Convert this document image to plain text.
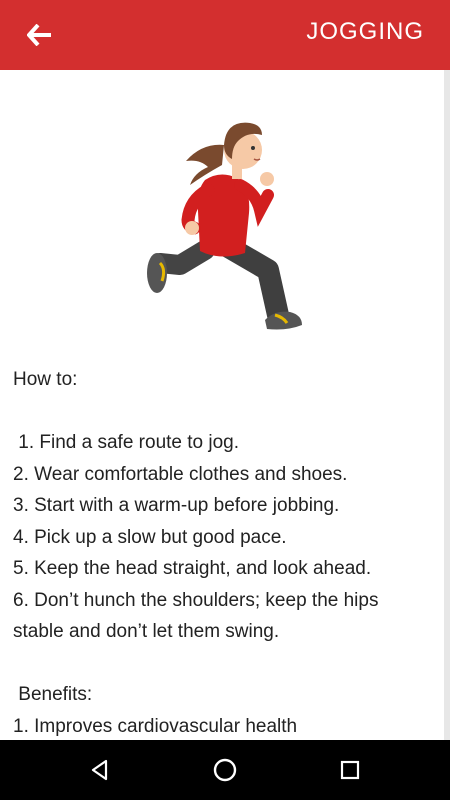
JOGGING

How to:

1. Find a safe route to jog.

2. Wear comfortable clothes and shoes.

3. Start with a warm-up before jobbing.

4. Pick up a slow but good pace.

5. Keep the head straight, and look ahead.

6. Don’t hunch the shoulders; keep the hips stable and don’t let them swing.

Benefits:

1. Improves cardiovascular health
